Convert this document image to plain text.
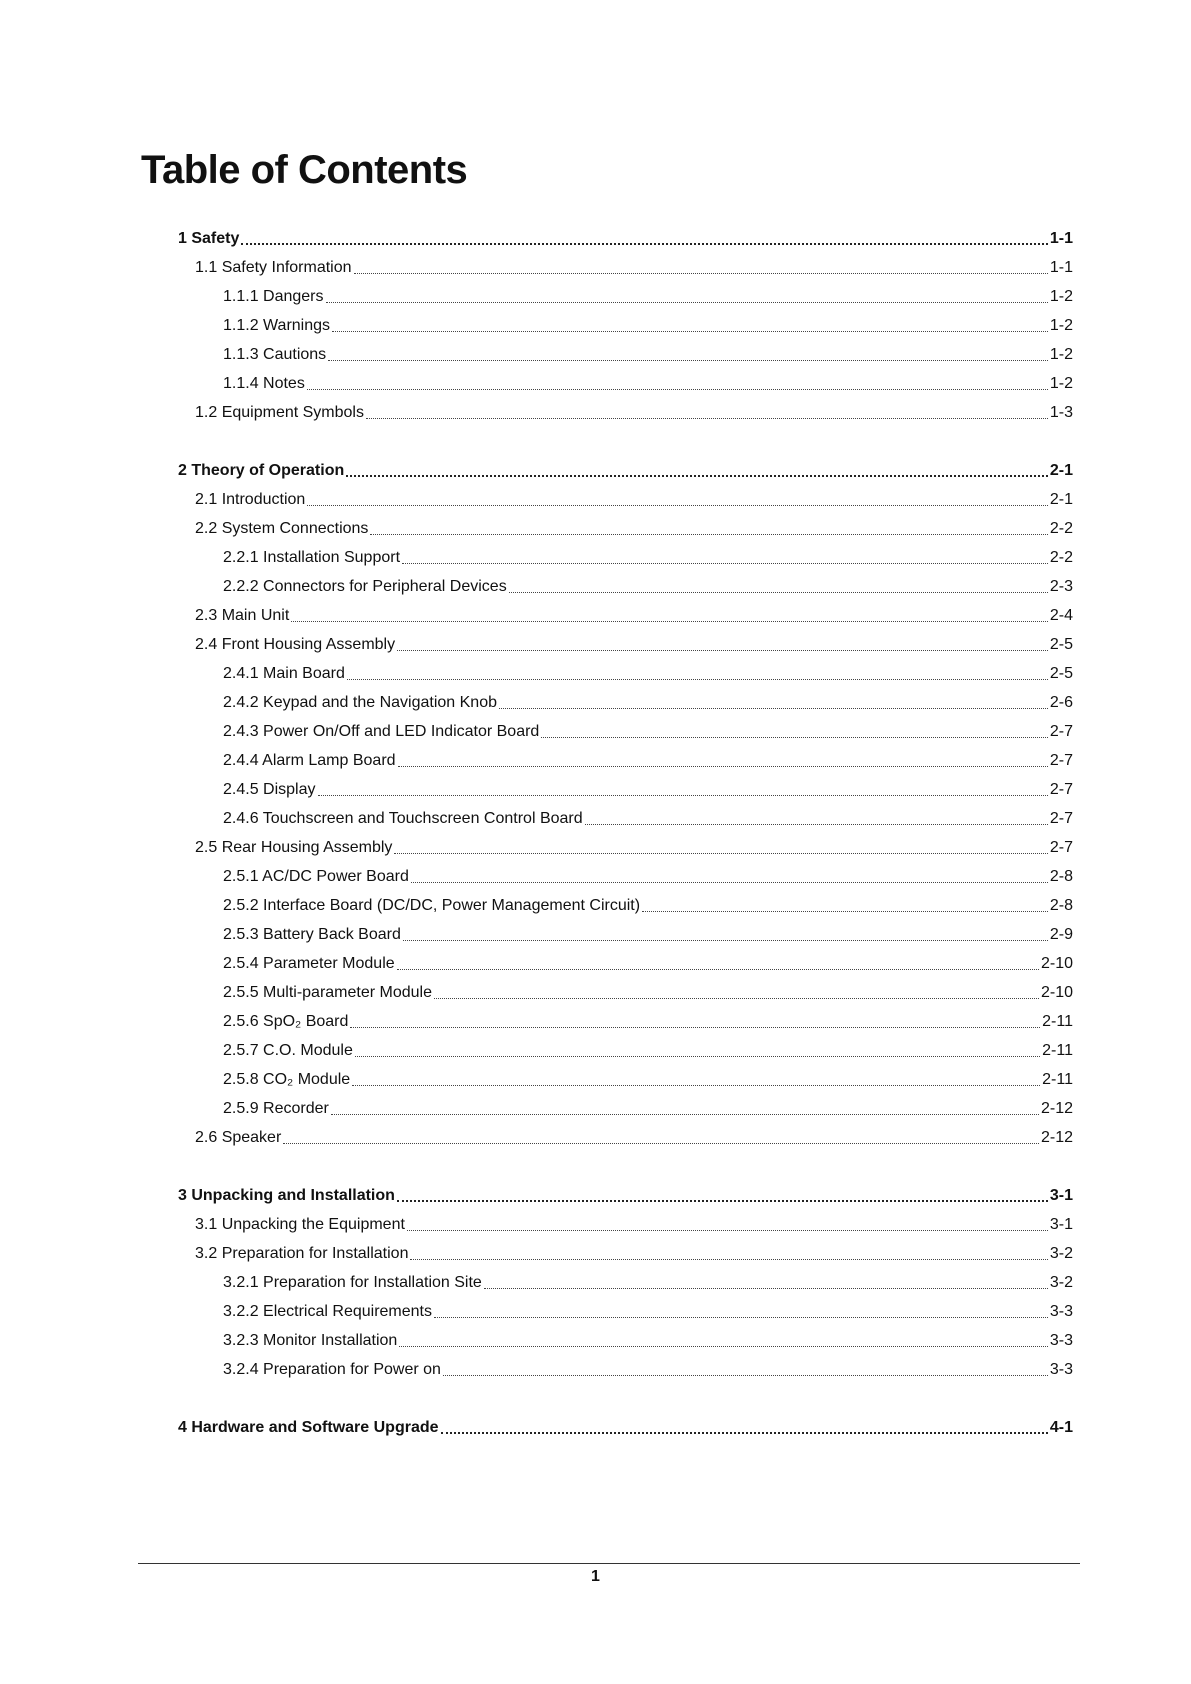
Table of Contents
1 Safety	1-1
1.1 Safety Information	1-1
1.1.1 Dangers	1-2
1.1.2 Warnings	1-2
1.1.3 Cautions	1-2
1.1.4 Notes	1-2
1.2 Equipment Symbols	1-3
2 Theory of Operation	2-1
2.1 Introduction	2-1
2.2 System Connections	2-2
2.2.1 Installation Support	2-2
2.2.2 Connectors for Peripheral Devices	2-3
2.3 Main Unit	2-4
2.4 Front Housing Assembly	2-5
2.4.1 Main Board	2-5
2.4.2 Keypad and the Navigation Knob	2-6
2.4.3 Power On/Off and LED Indicator Board	2-7
2.4.4 Alarm Lamp Board	2-7
2.4.5 Display	2-7
2.4.6 Touchscreen and Touchscreen Control Board	2-7
2.5 Rear Housing Assembly	2-7
2.5.1 AC/DC Power Board	2-8
2.5.2 Interface Board (DC/DC, Power Management Circuit)	2-8
2.5.3 Battery Back Board	2-9
2.5.4 Parameter Module	2-10
2.5.5 Multi-parameter Module	2-10
2.5.6 SpO₂ Board	2-11
2.5.7 C.O. Module	2-11
2.5.8 CO₂ Module	2-11
2.5.9 Recorder	2-12
2.6 Speaker	2-12
3 Unpacking and Installation	3-1
3.1 Unpacking the Equipment	3-1
3.2 Preparation for Installation	3-2
3.2.1 Preparation for Installation Site	3-2
3.2.2 Electrical Requirements	3-3
3.2.3 Monitor Installation	3-3
3.2.4 Preparation for Power on	3-3
4 Hardware and Software Upgrade	4-1
1
